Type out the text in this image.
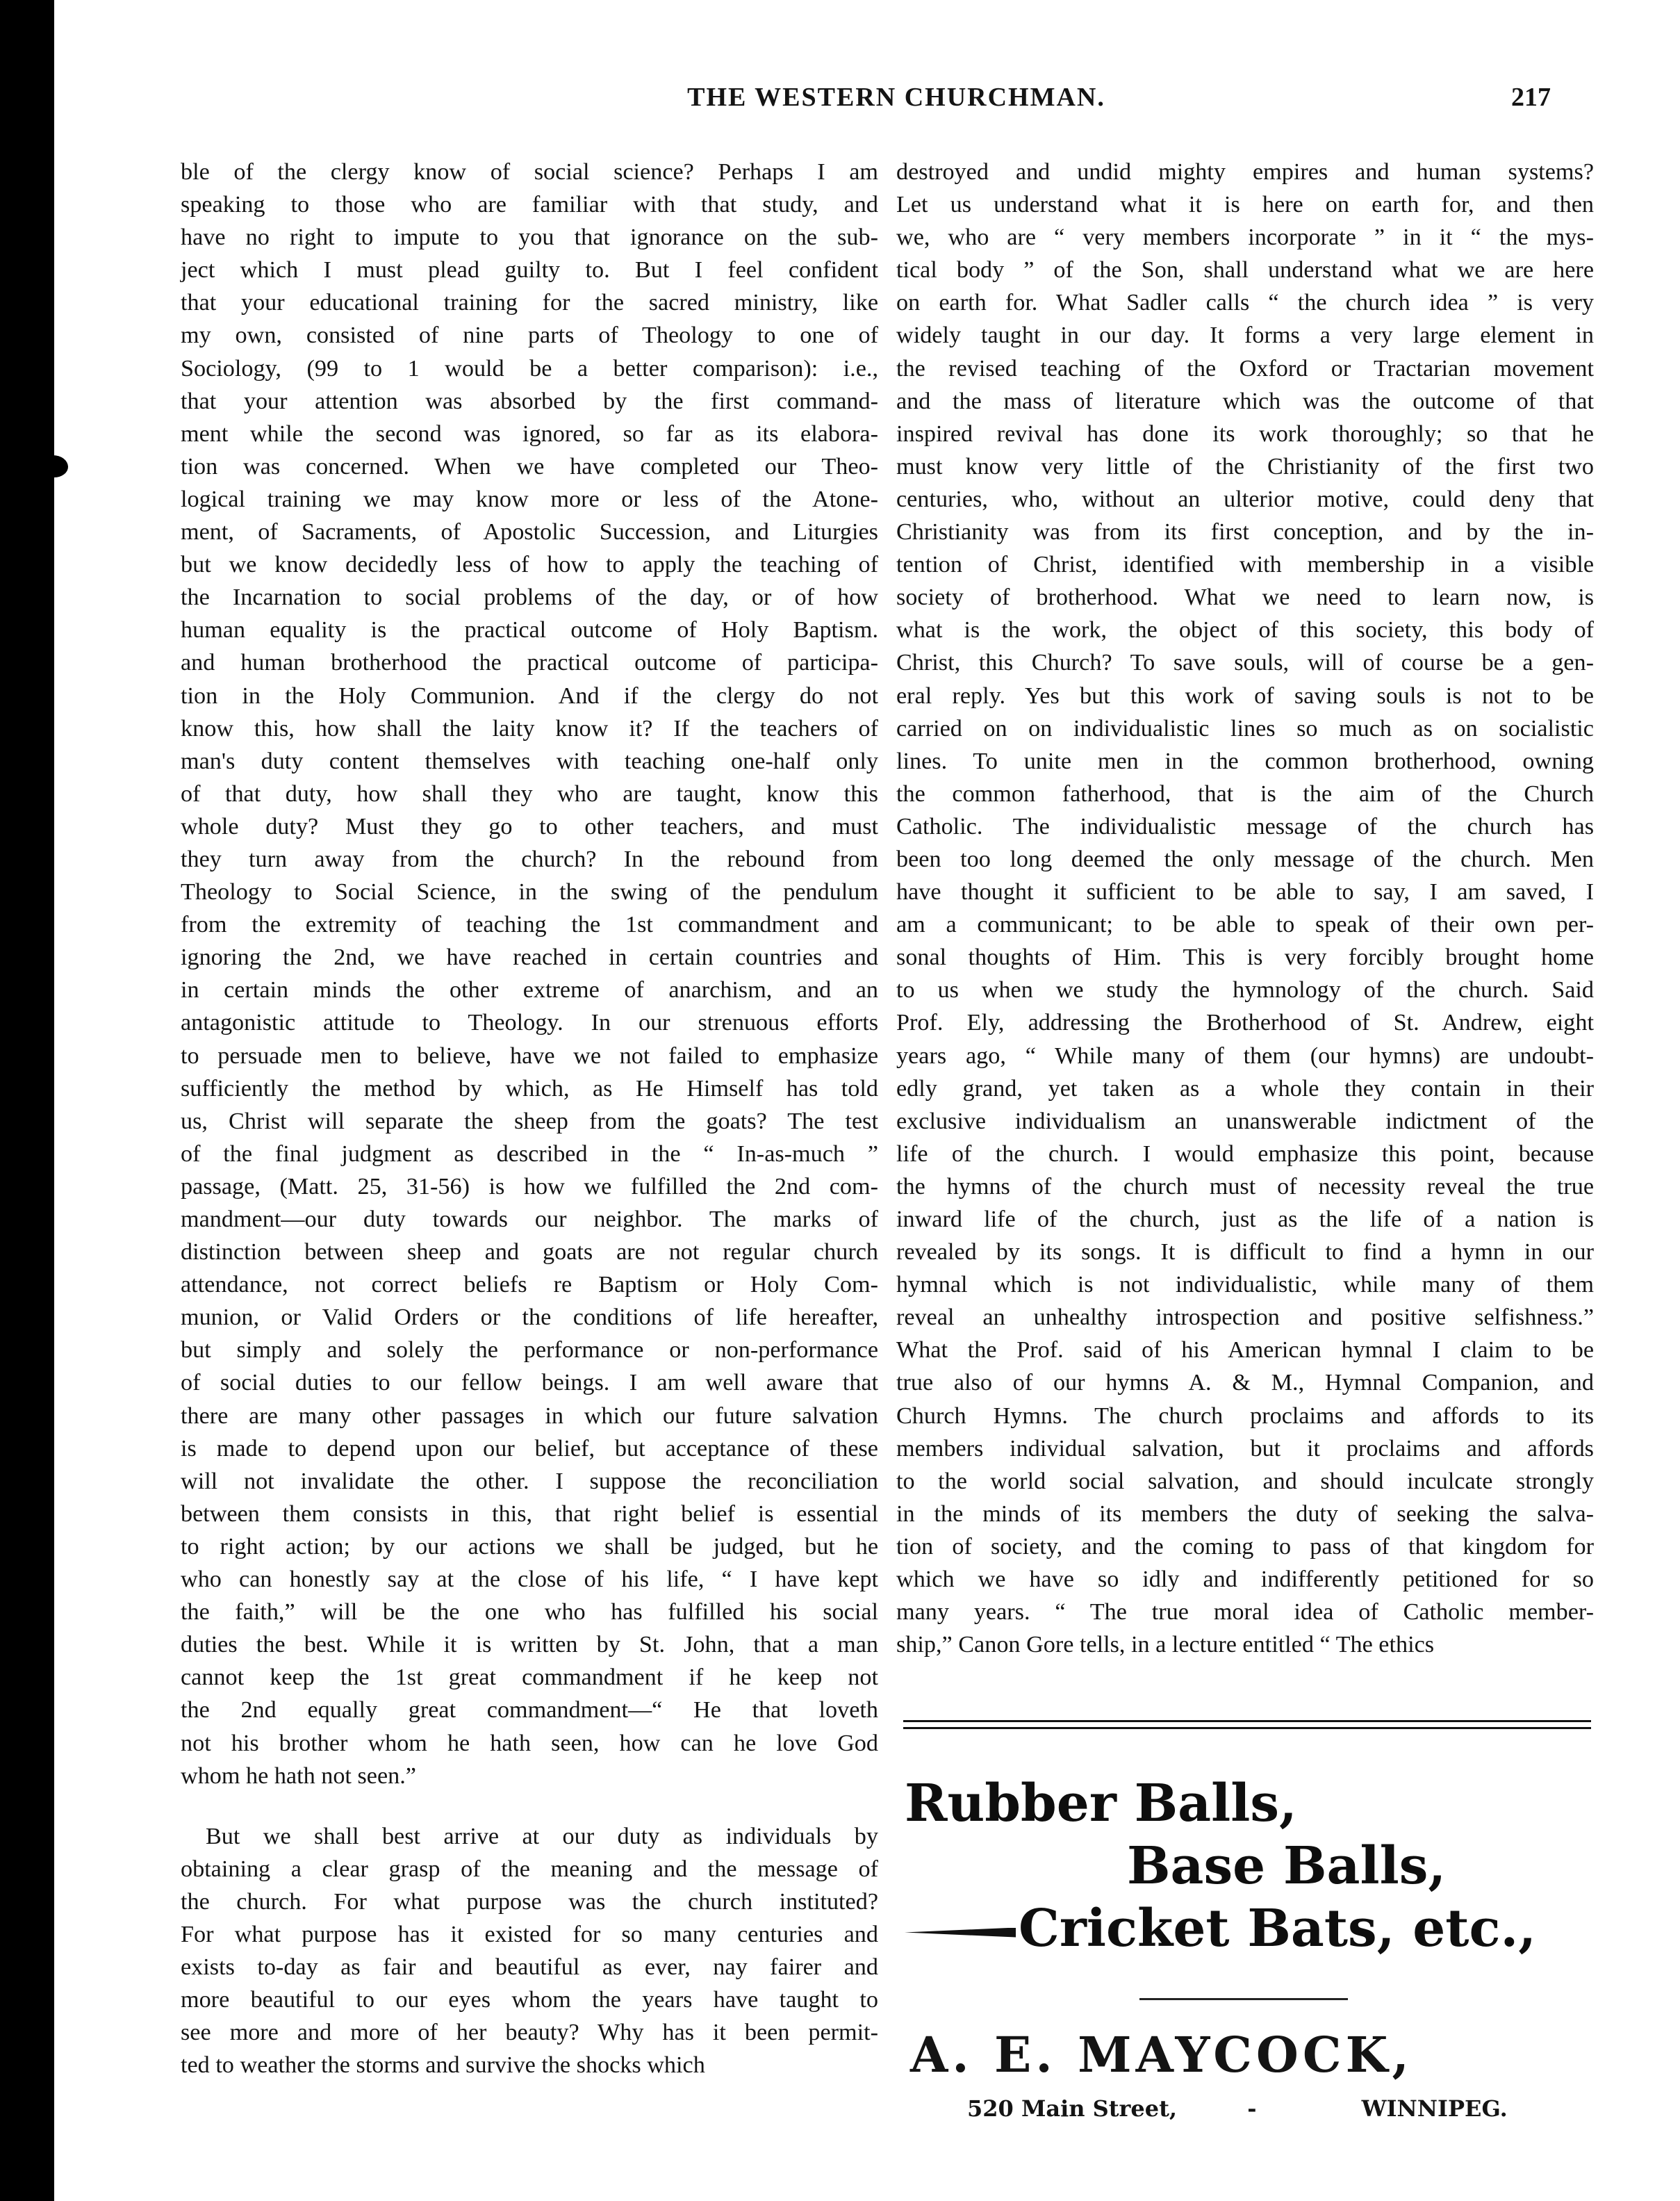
THE WESTERN CHURCHMAN.	217
ble of the clergy know of social science? Perhaps I am
speaking to those who are familiar with that study, and
have no right to impute to you that ignorance on the sub-
ject which I must plead guilty to. But I feel confident
that your educational training for the sacred ministry, like
my own, consisted of nine parts of Theology to one of
Sociology, (99 to 1 would be a better comparison): i.e.,
that your attention was absorbed by the first command-
ment while the second was ignored, so far as its elabora-
tion was concerned. When we have completed our Theo-
logical training we may know more or less of the Atone-
ment, of Sacraments, of Apostolic Succession, and Liturgies
but we know decidedly less of how to apply the teaching of
the Incarnation to social problems of the day, or of how
human equality is the practical outcome of Holy Baptism.
and human brotherhood the practical outcome of participa-
tion in the Holy Communion. And if the clergy do not
know this, how shall the laity know it? If the teachers of
man's duty content themselves with teaching one-half only
of that duty, how shall they who are taught, know this
whole duty? Must they go to other teachers, and must
they turn away from the church? In the rebound from
Theology to Social Science, in the swing of the pendulum
from the extremity of teaching the 1st commandment and
ignoring the 2nd, we have reached in certain countries and
in certain minds the other extreme of anarchism, and an
antagonistic attitude to Theology. In our strenuous efforts
to persuade men to believe, have we not failed to emphasize
sufficiently the method by which, as He Himself has told
us, Christ will separate the sheep from the goats? The test
of the final judgment as described in the “ In-as-much ”
passage, (Matt. 25, 31-56) is how we fulfilled the 2nd com-
mandment—our duty towards our neighbor. The marks of
distinction between sheep and goats are not regular church
attendance, not correct beliefs re Baptism or Holy Com-
munion, or Valid Orders or the conditions of life hereafter,
but simply and solely the performance or non-performance
of social duties to our fellow beings. I am well aware that
there are many other passages in which our future salvation
is made to depend upon our belief, but acceptance of these
will not invalidate the other. I suppose the reconciliation
between them consists in this, that right belief is essential
to right action; by our actions we shall be judged, but he
who can honestly say at the close of his life, “ I have kept
the faith,” will be the one who has fulfilled his social
duties the best. While it is written by St. John, that a man
cannot keep the 1st great commandment if he keep not
the 2nd equally great commandment—“ He that loveth
not his brother whom he hath seen, how can he love God
whom he hath not seen.”
But we shall best arrive at our duty as individuals by
obtaining a clear grasp of the meaning and the message of
the church. For what purpose was the church instituted?
For what purpose has it existed for so many centuries and
exists to-day as fair and beautiful as ever, nay fairer and
more beautiful to our eyes whom the years have taught to
see more and more of her beauty? Why has it been permit-
ted to weather the storms and survive the shocks which
destroyed and undid mighty empires and human systems?
Let us understand what it is here on earth for, and then
we, who are “ very members incorporate ” in it “ the mys-
tical body ” of the Son, shall understand what we are here
on earth for. What Sadler calls “ the church idea ” is very
widely taught in our day. It forms a very large element in
the revised teaching of the Oxford or Tractarian movement
and the mass of literature which was the outcome of that
inspired revival has done its work thoroughly; so that he
must know very little of the Christianity of the first two
centuries, who, without an ulterior motive, could deny that
Christianity was from its first conception, and by the in-
tention of Christ, identified with membership in a visible
society of brotherhood. What we need to learn now, is
what is the work, the object of this society, this body of
Christ, this Church? To save souls, will of course be a gen-
eral reply. Yes but this work of saving souls is not to be
carried on on individualistic lines so much as on socialistic
lines. To unite men in the common brotherhood, owning
the common fatherhood, that is the aim of the Church
Catholic. The individualistic message of the church has
been too long deemed the only message of the church. Men
have thought it sufficient to be able to say, I am saved, I
am a communicant; to be able to speak of their own per-
sonal thoughts of Him. This is very forcibly brought home
to us when we study the hymnology of the church. Said
Prof. Ely, addressing the Brotherhood of St. Andrew, eight
years ago, “ While many of them (our hymns) are undoubt-
edly grand, yet taken as a whole they contain in their
exclusive individualism an unanswerable indictment of the
life of the church. I would emphasize this point, because
the hymns of the church must of necessity reveal the true
inward life of the church, just as the life of a nation is
revealed by its songs. It is difficult to find a hymn in our
hymnal which is not individualistic, while many of them
reveal an unhealthy introspection and positive selfishness.”
What the Prof. said of his American hymnal I claim to be
true also of our hymns A. & M., Hymnal Companion, and
Church Hymns. The church proclaims and affords to its
members individual salvation, but it proclaims and affords
to the world social salvation, and should inculcate strongly
in the minds of its members the duty of seeking the salva-
tion of society, and the coming to pass of that kingdom for
which we have so idly and indifferently petitioned for so
many years. “ The true moral idea of Catholic member-
ship,” Canon Gore tells, in a lecture entitled “ The ethics
Rubber Balls,
Base Balls,
Cricket Bats, etc.,
A. E. MAYCOCK,
520 Main Street,	-	WINNIPEG.
